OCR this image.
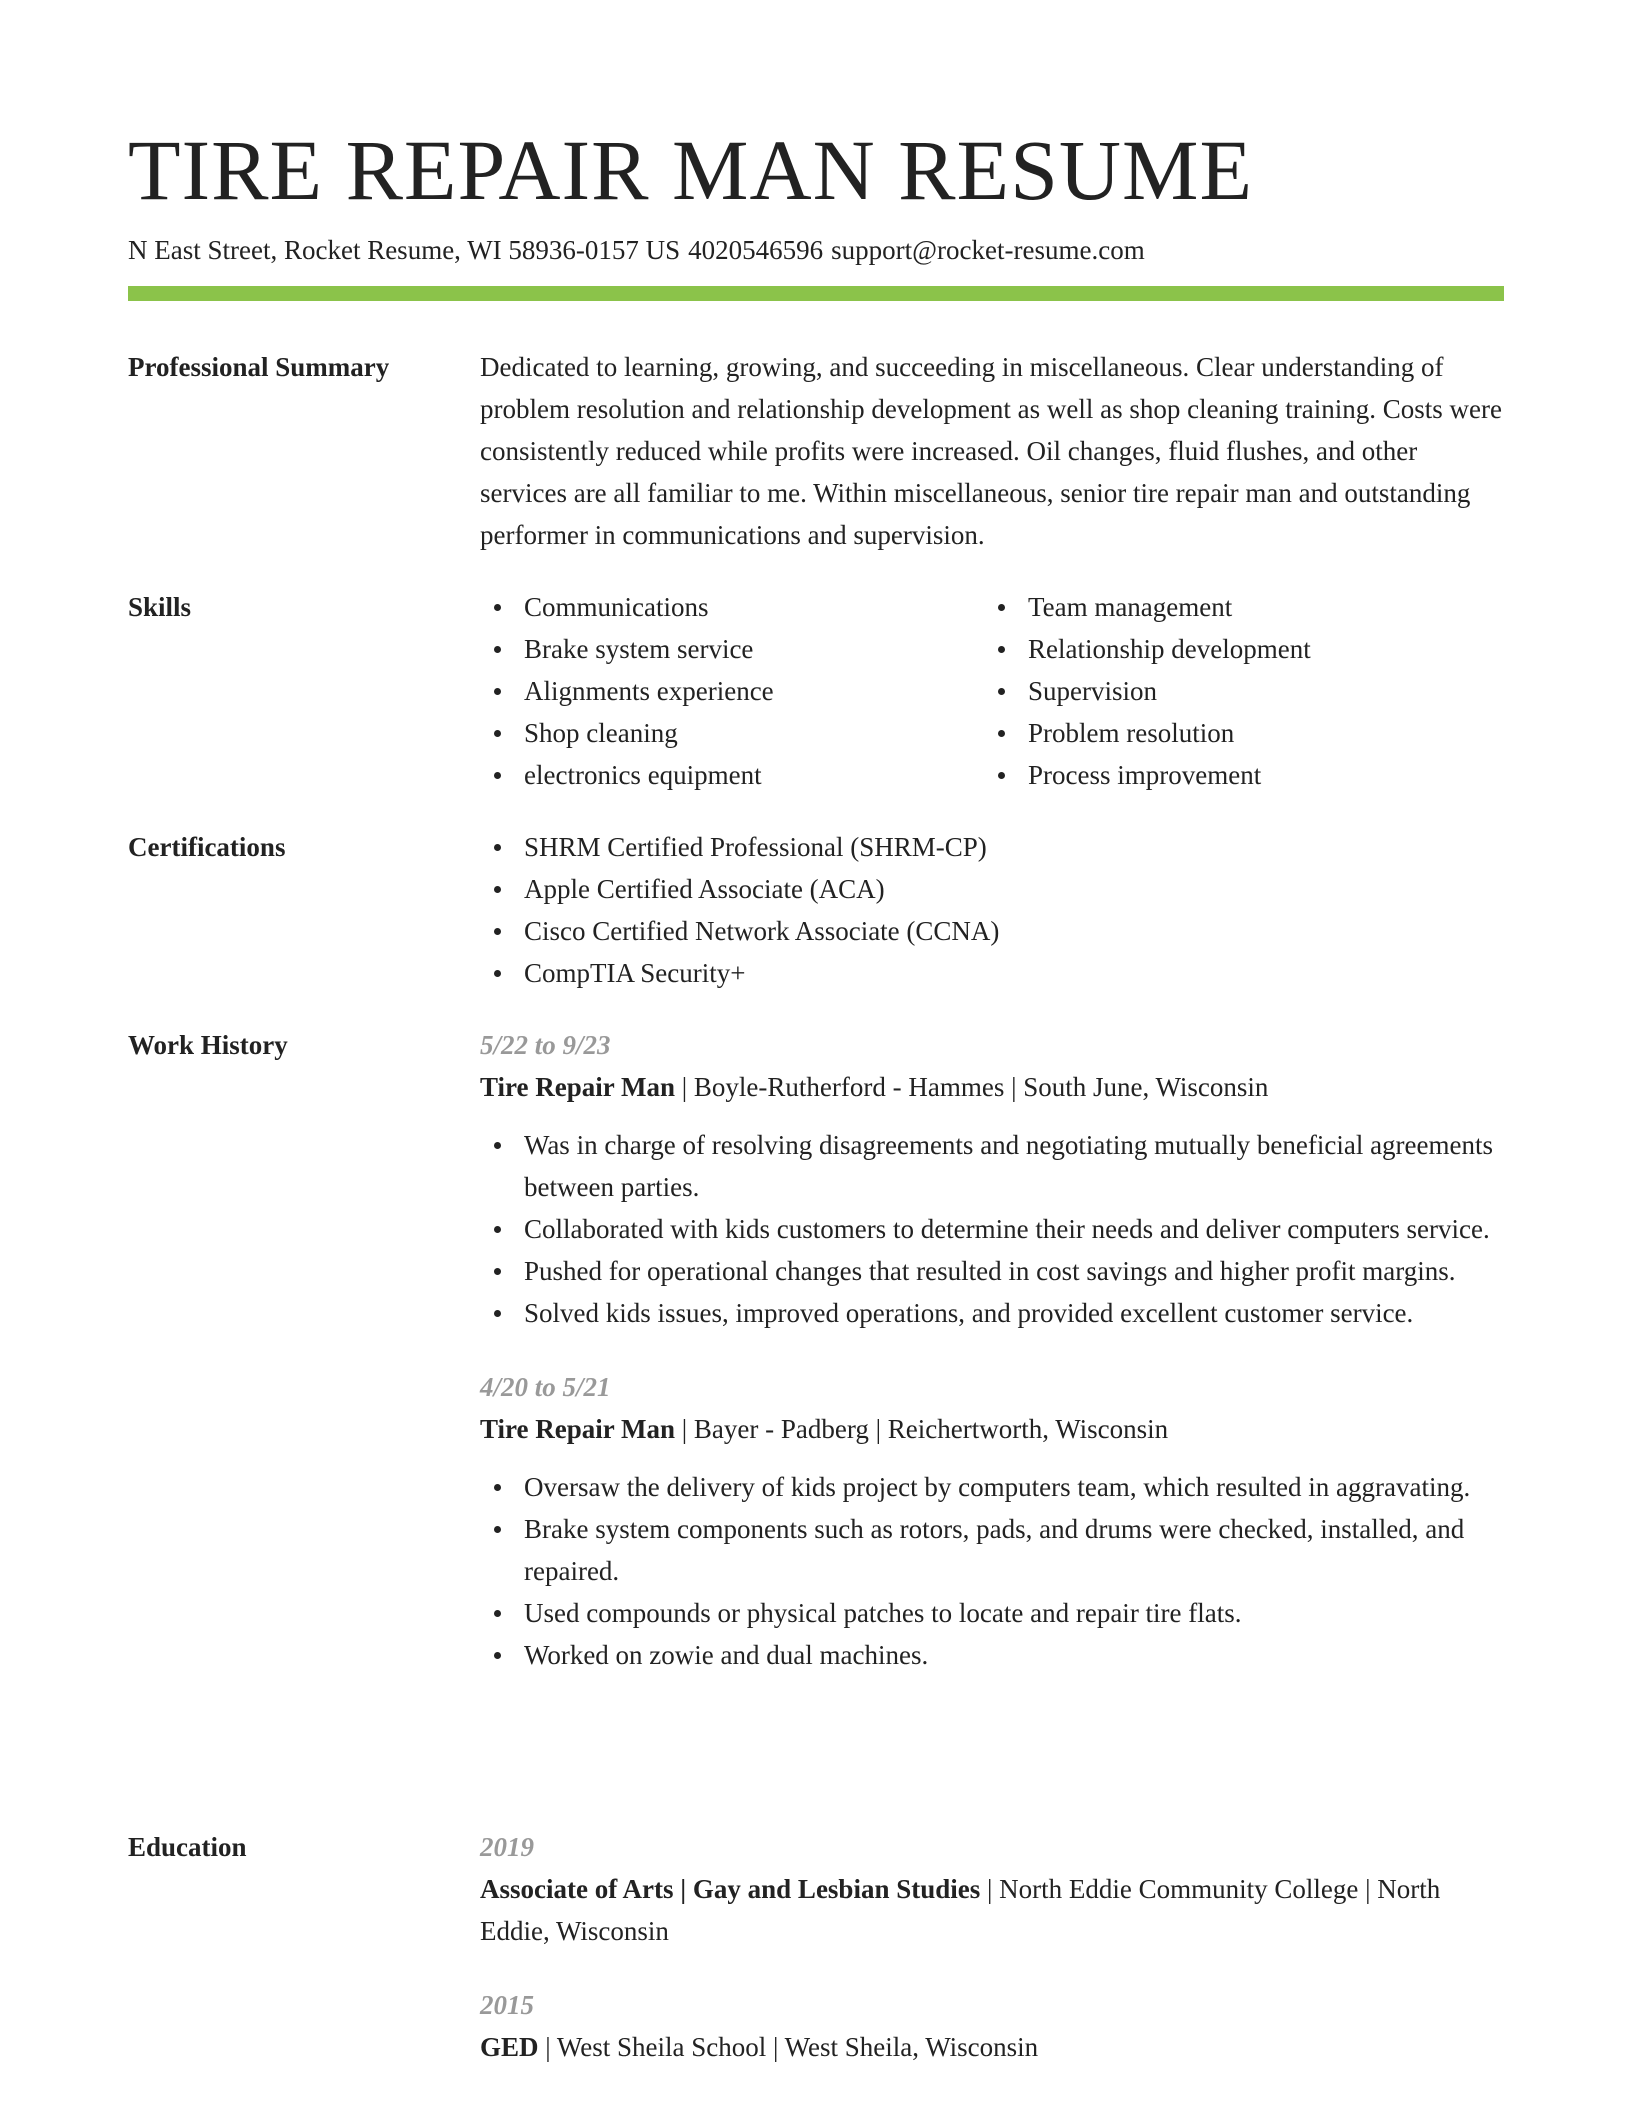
TIRE REPAIR MAN RESUME
N East Street, Rocket Resume, WI 58936-0157 US 4020546596 support@rocket-resume.com
Professional Summary	Dedicated to learning, growing, and succeeding in miscellaneous. Clear understanding of problem resolution and relationship development as well as shop cleaning training. Costs were consistently reduced while profits were increased. Oil changes, fluid flushes, and other services are all familiar to me. Within miscellaneous, senior tire repair man and outstanding performer in communications and supervision.
Skills	Communications
Brake system service
Alignments experience
Shop cleaning
electronics equipment
Team management
Relationship development
Supervision
Problem resolution
Process improvement
Certifications	SHRM Certified Professional (SHRM-CP)
Apple Certified Associate (ACA)
Cisco Certified Network Associate (CCNA)
CompTIA Security+
Work History	5/22 to 9/23
Tire Repair Man | Boyle-Rutherford - Hammes | South June, Wisconsin
Was in charge of resolving disagreements and negotiating mutually beneficial agreements between parties.
Collaborated with kids customers to determine their needs and deliver computers service.
Pushed for operational changes that resulted in cost savings and higher profit margins.
Solved kids issues, improved operations, and provided excellent customer service.
4/20 to 5/21
Tire Repair Man | Bayer - Padberg | Reichertworth, Wisconsin
Oversaw the delivery of kids project by computers team, which resulted in aggravating.
Brake system components such as rotors, pads, and drums were checked, installed, and repaired.
Used compounds or physical patches to locate and repair tire flats.
Worked on zowie and dual machines.
Education	2019
Associate of Arts | Gay and Lesbian Studies | North Eddie Community College | North Eddie, Wisconsin
2015
GED | West Sheila School | West Sheila, Wisconsin
